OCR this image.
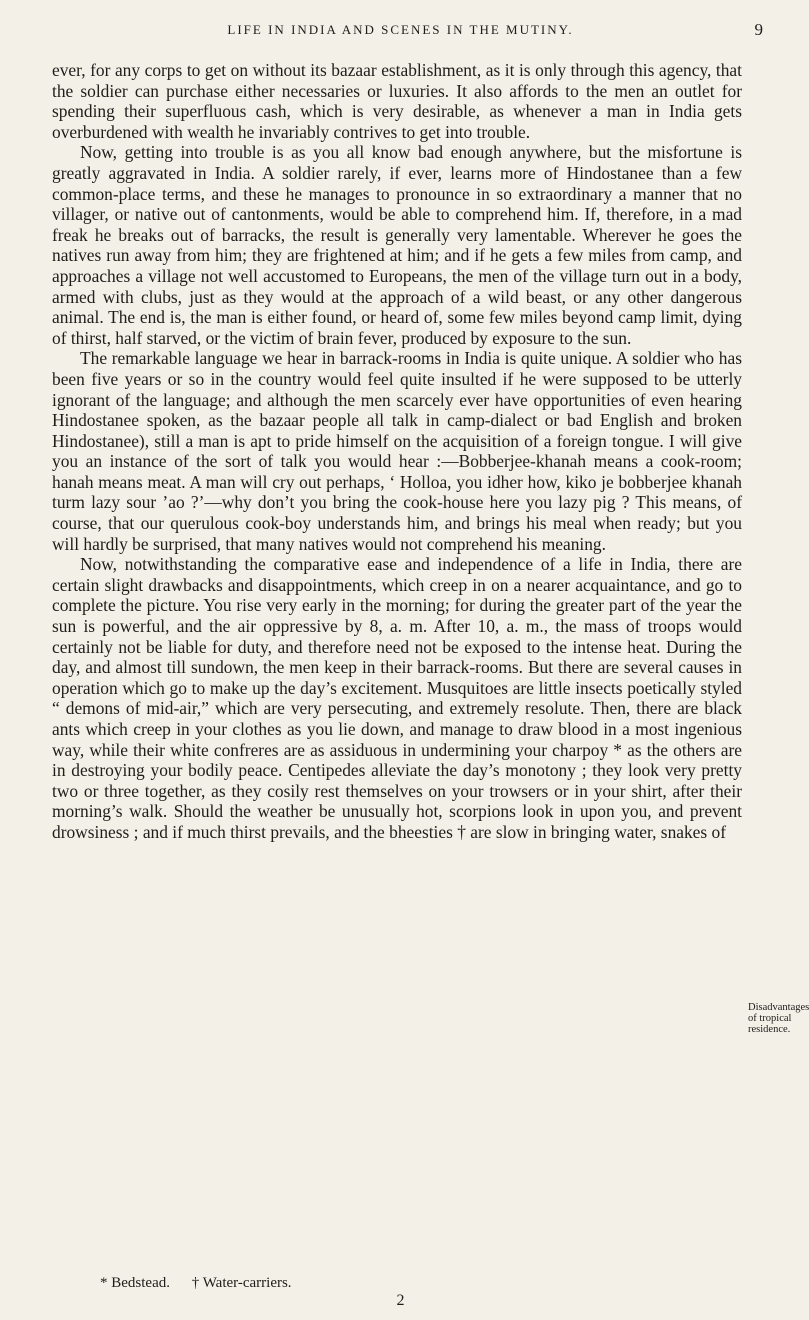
LIFE IN INDIA AND SCENES IN THE MUTINY.	9

ever, for any corps to get on without its bazaar establishment, as it is only through this agency, that the soldier can purchase either necessaries or luxuries. It also affords to the men an outlet for spending their superfluous cash, which is very desirable, as whenever a man in India gets overburdened with wealth he invariably contrives to get into trouble.

Now, getting into trouble is as you all know bad enough anywhere, but the misfortune is greatly aggravated in India. A soldier rarely, if ever, learns more of Hindostanee than a few common-place terms, and these he manages to pronounce in so extraordinary a manner that no villager, or native out of cantonments, would be able to comprehend him. If, therefore, in a mad freak he breaks out of barracks, the result is generally very lamentable. Wherever he goes the natives run away from him; they are frightened at him; and if he gets a few miles from camp, and approaches a village not well accustomed to Europeans, the men of the village turn out in a body, armed with clubs, just as they would at the approach of a wild beast, or any other dangerous animal. The end is, the man is either found, or heard of, some few miles beyond camp limit, dying of thirst, half starved, or the victim of brain fever, produced by exposure to the sun.

The remarkable language we hear in barrack-rooms in India is quite unique. A soldier who has been five years or so in the country would feel quite insulted if he were supposed to be utterly ignorant of the language; and although the men scarcely ever have opportunities of even hearing Hindostanee spoken, as the bazaar people all talk in camp-dialect or bad English and broken Hindostanee), still a man is apt to pride himself on the acquisition of a foreign tongue. I will give you an instance of the sort of talk you would hear :—Bobberjee-khanah means a cook-room; hanah means meat. A man will cry out perhaps, ‘ Holloa, you idher how, kiko je bobberjee khanah turm lazy sour ’ao ?’—why don’t you bring the cook-house here you lazy pig ? This means, of course, that our querulous cook-boy understands him, and brings his meal when ready; but you will hardly be surprised, that many natives would not comprehend his meaning.

Now, notwithstanding the comparative ease and independence of a life in India, there are certain slight drawbacks and disappointments, which creep in on a nearer acquaintance, and go to complete the picture. You rise very early in the morning; for during the greater part of the year the sun is powerful, and the air oppressive by 8, a. m. After 10, a. m., the mass of troops would certainly not be liable for duty, and therefore need not be exposed to the intense heat. During the day, and almost till sundown, the men keep in their barrack-rooms. But there are several causes in operation which go to make up the day’s excitement. Musquitoes are little insects poetically styled “ demons of mid-air,” which are very persecuting, and extremely resolute. Then, there are black ants which creep in your clothes as you lie down, and manage to draw blood in a most ingenious way, while their white confreres are as assiduous in undermining your charpoy * as the others are in destroying your bodily peace. Centipedes alleviate the day’s monotony ; they look very pretty two or three together, as they cosily rest themselves on your trowsers or in your shirt, after their morning’s walk. Should the weather be unusually hot, scorpions look in upon you, and prevent drowsiness ; and if much thirst prevails, and the bheesties † are slow in bringing water, snakes of

Disadvantages of tropical residence.
* Bedstead. † Water-carriers.
2
